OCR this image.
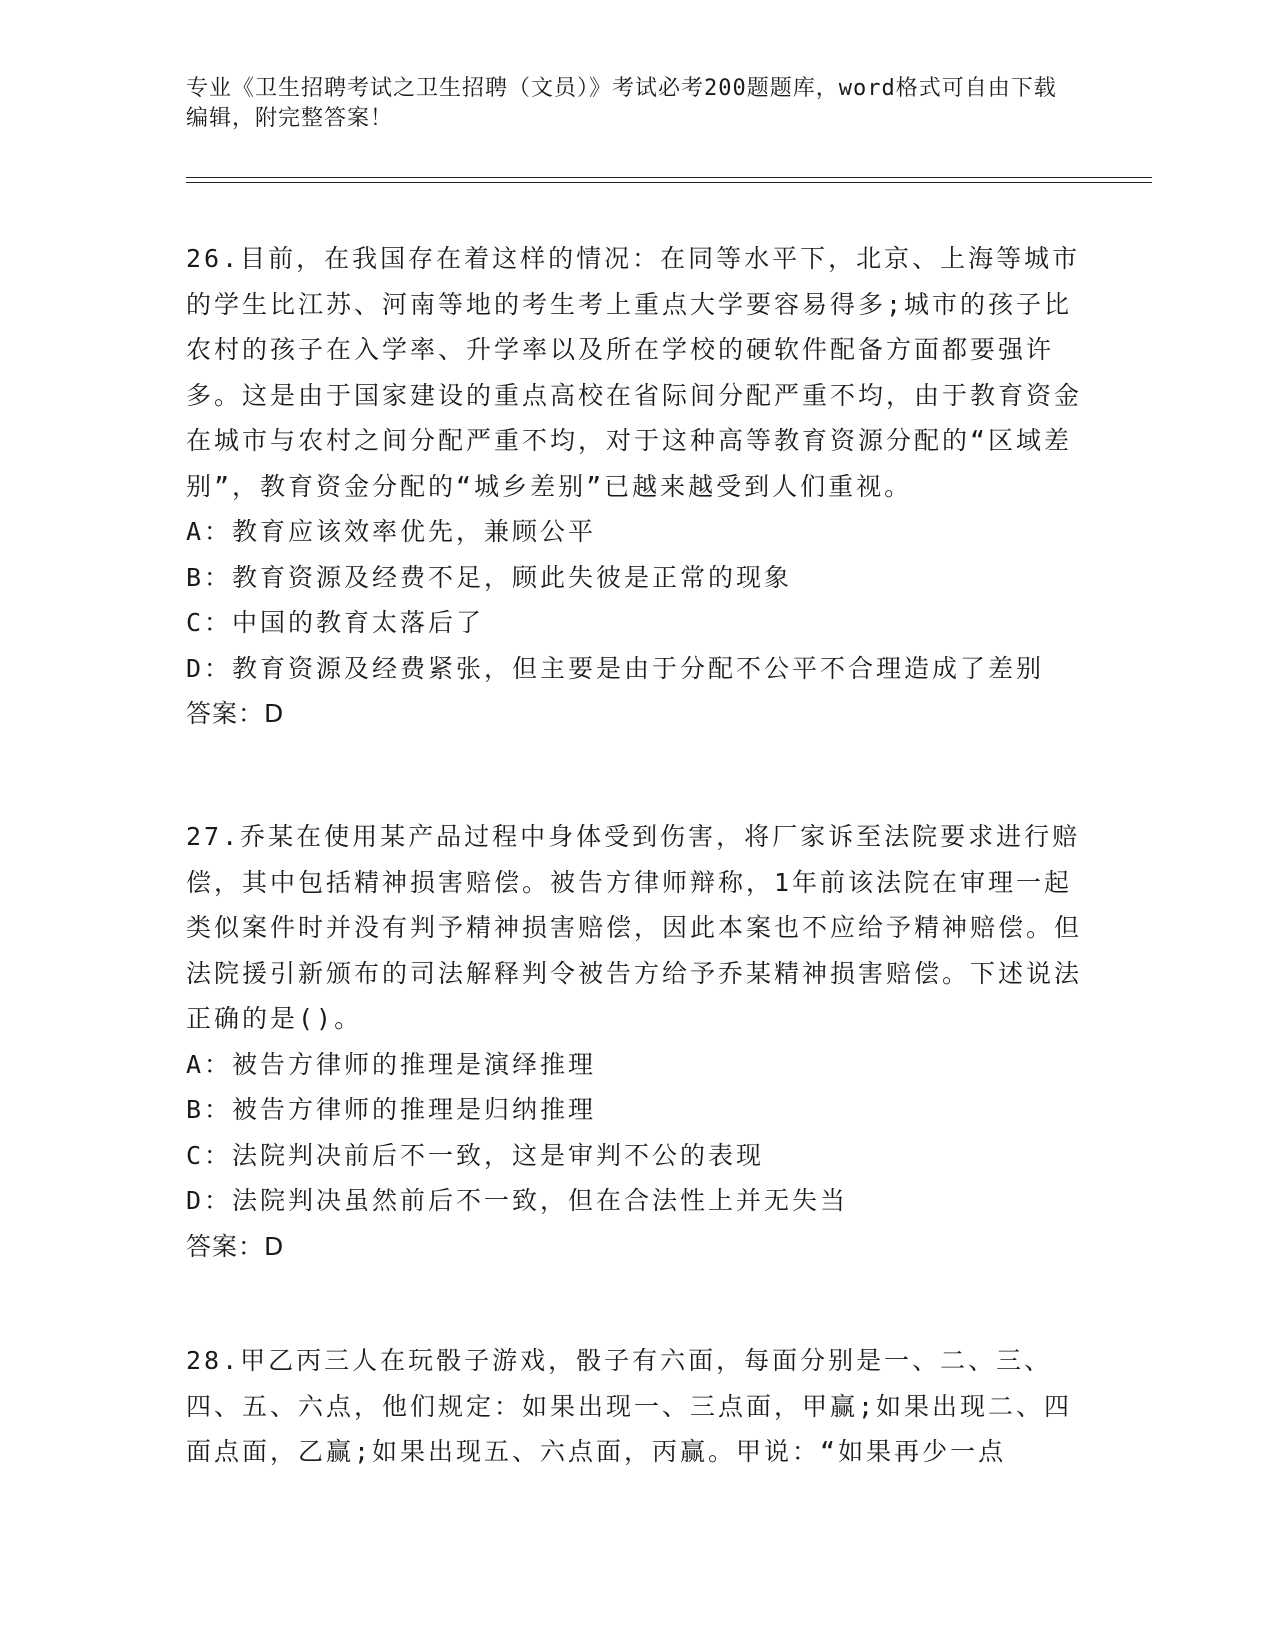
专业《卫生招聘考试之卫生招聘（文员）》考试必考200题题库，word格式可自由下载编辑，附完整答案！

26.目前，在我国存在着这样的情况：在同等水平下，北京、上海等城市的学生比江苏、河南等地的考生考上重点大学要容易得多;城市的孩子比农村的孩子在入学率、升学率以及所在学校的硬软件配备方面都要强许多。这是由于国家建设的重点高校在省际间分配严重不均，由于教育资金在城市与农村之间分配严重不均，对于这种高等教育资源分配的“区域差别”，教育资金分配的“城乡差别”已越来越受到人们重视。

A：教育应该效率优先，兼顾公平

B：教育资源及经费不足，顾此失彼是正常的现象

C：中国的教育太落后了

D：教育资源及经费紧张，但主要是由于分配不公平不合理造成了差别

答案：D

27.乔某在使用某产品过程中身体受到伤害，将厂家诉至法院要求进行赔偿，其中包括精神损害赔偿。被告方律师辩称，1年前该法院在审理一起类似案件时并没有判予精神损害赔偿，因此本案也不应给予精神赔偿。但法院援引新颁布的司法解释判令被告方给予乔某精神损害赔偿。下述说法正确的是()。

A：被告方律师的推理是演绎推理

B：被告方律师的推理是归纳推理

C：法院判决前后不一致，这是审判不公的表现

D：法院判决虽然前后不一致，但在合法性上并无失当

答案：D

28.甲乙丙三人在玩骰子游戏，骰子有六面，每面分别是一、二、三、四、五、六点，他们规定：如果出现一、三点面，甲赢;如果出现二、四面点面，乙赢;如果出现五、六点面，丙赢。甲说：“如果再少一点
